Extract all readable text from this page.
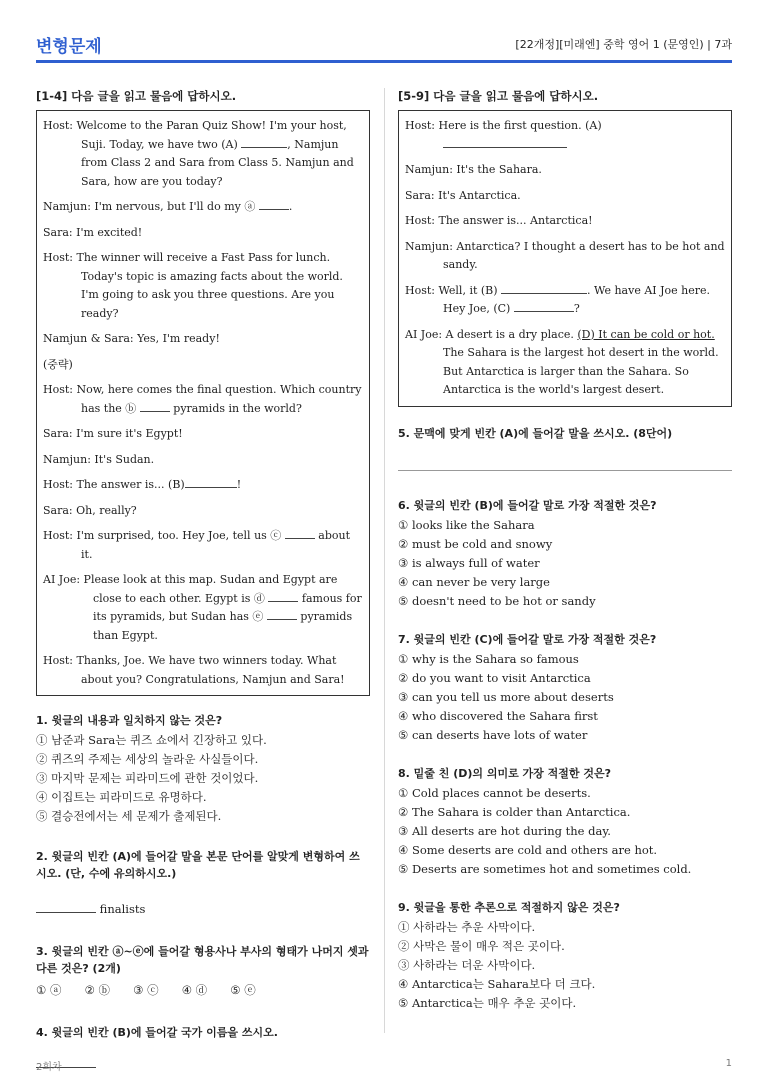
변형문제	[22개정][미래엔] 중학 영어 1 (문영인) | 7과
[1-4] 다음 글을 읽고 물음에 답하시오.
Host: Welcome to the Paran Quiz Show! I'm your host, Suji. Today, we have two (A)	, Namjun from Class 2 and Sara from Class 5. Namjun and Sara, how are you today?
Namjun: I'm nervous, but I'll do my ⓐ	.
Sara: I'm excited!
Host: The winner will receive a Fast Pass for lunch. Today's topic is amazing facts about the world. I'm going to ask you three questions. Are you ready?
Namjun & Sara: Yes, I'm ready!
(중략)
Host: Now, here comes the final question. Which country has the ⓑ	pyramids in the world?
Sara: I'm sure it's Egypt!
Namjun: It's Sudan.
Host: The answer is... (B)	!
Sara: Oh, really?
Host: I'm surprised, too. Hey Joe, tell us ⓒ	about it.
AI Joe: Please look at this map. Sudan and Egypt are close to each other. Egypt is ⓓ	famous for its pyramids, but Sudan has ⓔ	pyramids than Egypt.
Host: Thanks, Joe. We have two winners today. What about you? Congratulations, Namjun and Sara!
1. 윗글의 내용과 일치하지 않는 것은?
① 남준과 Sara는 퀴즈 쇼에서 긴장하고 있다.
② 퀴즈의 주제는 세상의 놀라운 사실들이다.
③ 마지막 문제는 피라미드에 관한 것이었다.
④ 이집트는 피라미드로 유명하다.
⑤ 결승전에서는 세 문제가 출제된다.
2. 윗글의 빈칸 (A)에 들어갈 말을 본문 단어를 알맞게 변형하여 쓰시오. (단, 수에 유의하시오.)
finalists
3. 윗글의 빈칸 ⓐ~ⓔ에 들어갈 형용사나 부사의 형태가 나머지 셋과 다른 것은? (2개)
① ⓐ ② ⓑ ③ ⓒ ④ ⓓ ⑤ ⓔ
4. 윗글의 빈칸 (B)에 들어갈 국가 이름을 쓰시오.
[5-9] 다음 글을 읽고 물음에 답하시오.
Host: Here is the first question. (A)
Namjun: It's the Sahara.
Sara: It's Antarctica.
Host: The answer is... Antarctica!
Namjun: Antarctica? I thought a desert has to be hot and sandy.
Host: Well, it (B)	. We have AI Joe here. Hey Joe, (C)	?
AI Joe: A desert is a dry place. (D) It can be cold or hot. The Sahara is the largest hot desert in the world. But Antarctica is larger than the Sahara. So Antarctica is the world's largest desert.
5. 문맥에 맞게 빈칸 (A)에 들어갈 말을 쓰시오. (8단어)
6. 윗글의 빈칸 (B)에 들어갈 말로 가장 적절한 것은?
① looks like the Sahara
② must be cold and snowy
③ is always full of water
④ can never be very large
⑤ doesn't need to be hot or sandy
7. 윗글의 빈칸 (C)에 들어갈 말로 가장 적절한 것은?
① why is the Sahara so famous
② do you want to visit Antarctica
③ can you tell us more about deserts
④ who discovered the Sahara first
⑤ can deserts have lots of water
8. 밑줄 친 (D)의 의미로 가장 적절한 것은?
① Cold places cannot be deserts.
② The Sahara is colder than Antarctica.
③ All deserts are hot during the day.
④ Some deserts are cold and others are hot.
⑤ Deserts are sometimes hot and sometimes cold.
9. 윗글을 통한 추론으로 적절하지 않은 것은?
① 사하라는 추운 사막이다.
② 사막은 물이 매우 적은 곳이다.
③ 사하라는 더운 사막이다.
④ Antarctica는 Sahara보다 더 크다.
⑤ Antarctica는 매우 추운 곳이다.
2회차	1
